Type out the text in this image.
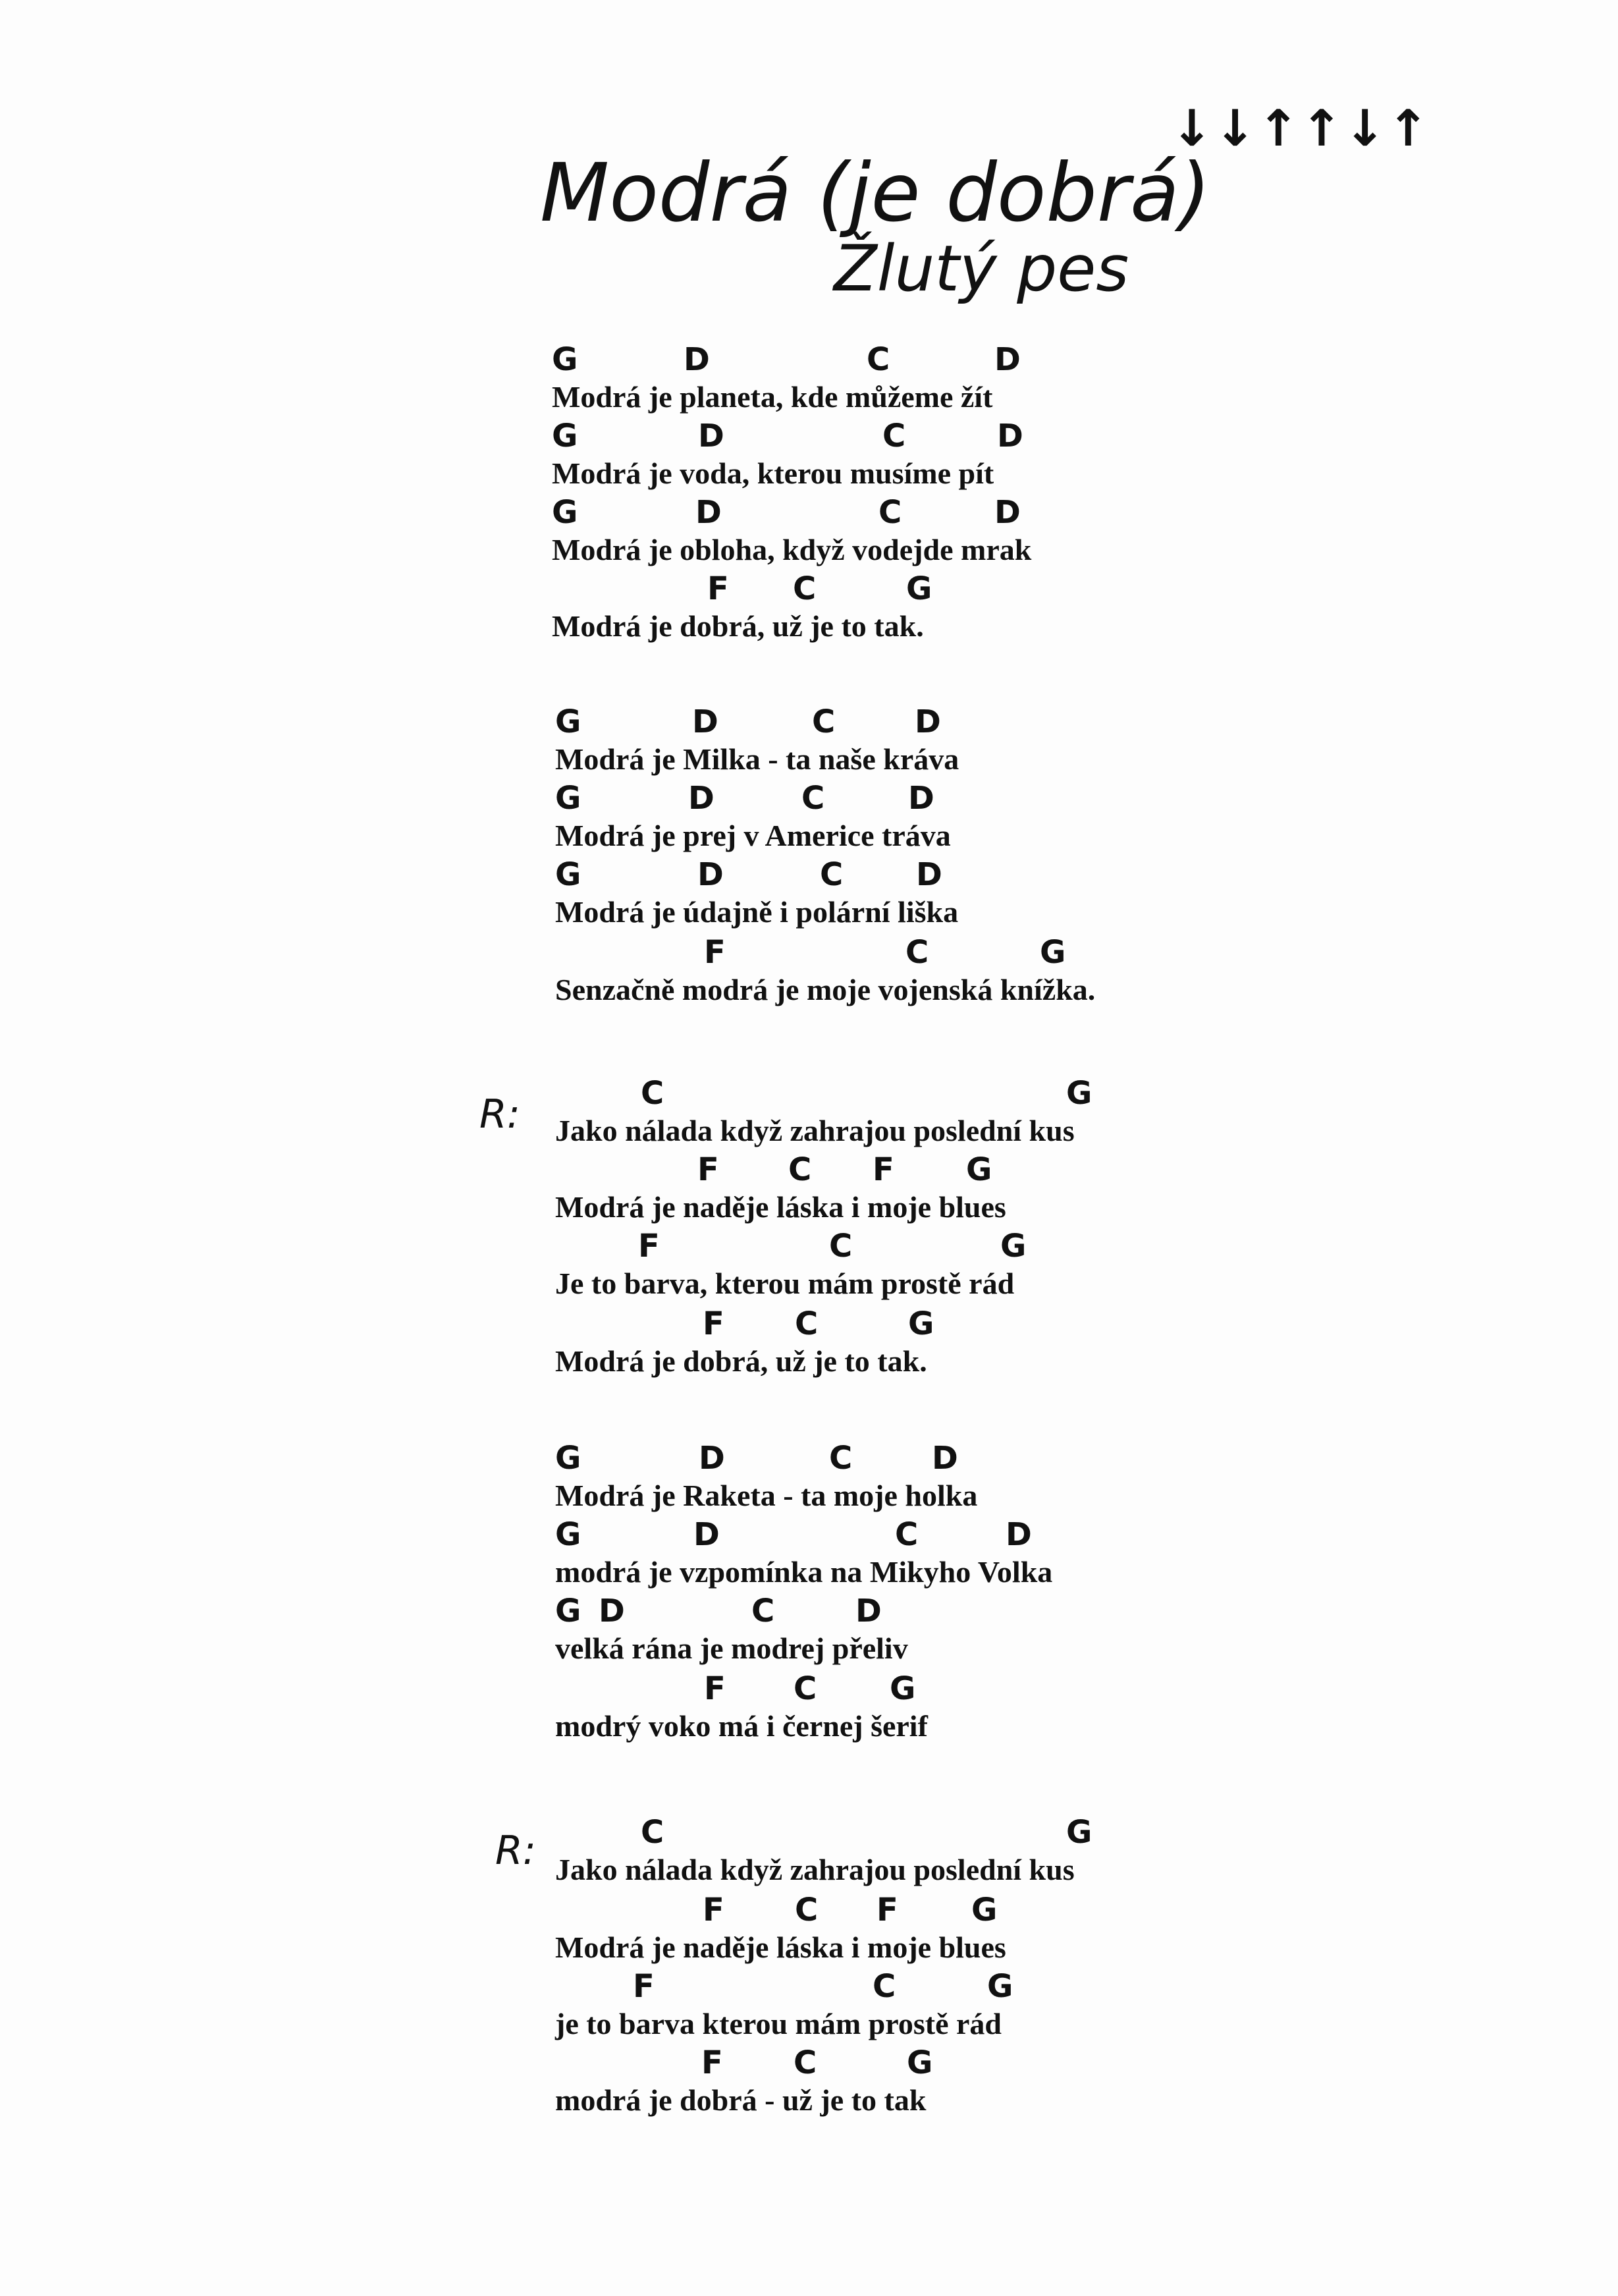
↓↓↑↑↓↑
Modrá (je dobrá)
Žlutý pes
G	D	C	D
Modrá je planeta, kde můžeme žít
G	D	C	D
Modrá je voda, kterou musíme pít
G	D	C	D
Modrá je obloha, když vodejde mrak
F C	G
Modrá je dobrá, už je to tak.
G	D	C	D
Modrá je Milka - ta naše kráva
G	D	C	D
Modrá je prej v Americe tráva
G	D	C D
Modrá je údajně i polární liška
F	C	G
Senzačně modrá je moje vojenská knížka.
R:	C	G
Jako nálada když zahrajou poslední kus
F C F G
Modrá je naděje láska i moje blues
F	C	G
Je to barva, kterou mám prostě rád
F C	G
Modrá je dobrá, už je to tak.
G	D	C	D
Modrá je Raketa - ta moje holka
G	D	C	D
modrá je vzpomínka na Mikyho Volka
G D	C	D
velká rána je modrej přeliv
F C G
modrý voko má i černej šerif
R:	C	G
Jako nálada když zahrajou poslední kus
F C F G
Modrá je naděje láska i moje blues
F	C	G
je to barva kterou mám prostě rád
F C	G
modrá je dobrá - už je to tak
